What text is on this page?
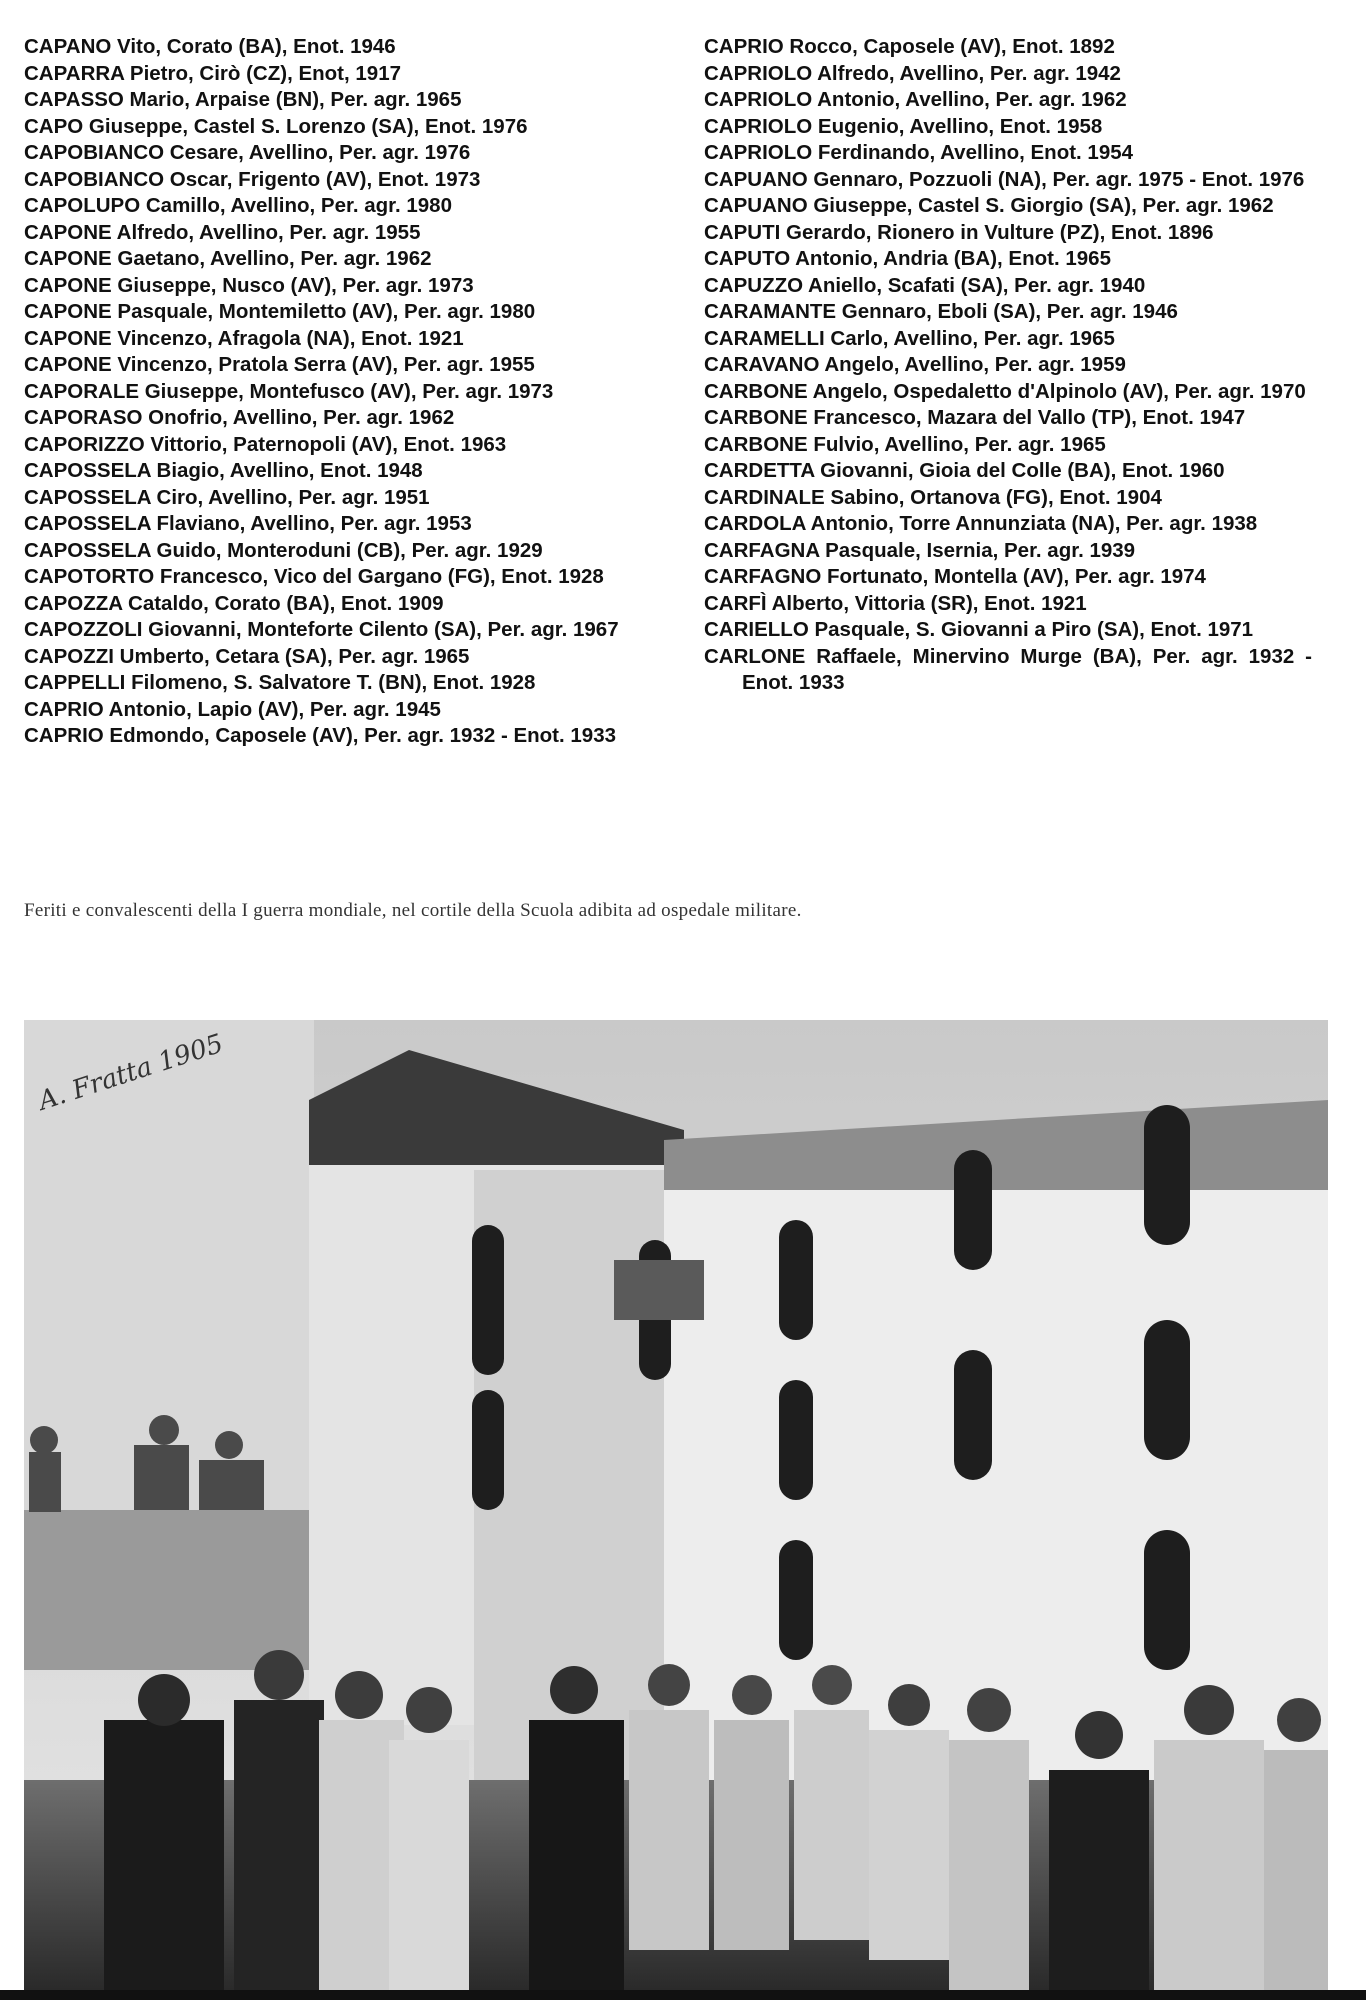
CAPANO Vito, Corato (BA), Enot. 1946

CAPARRA Pietro, Cirò (CZ), Enot, 1917

CAPASSO Mario, Arpaise (BN), Per. agr. 1965

CAPO Giuseppe, Castel S. Lorenzo (SA), Enot. 1976

CAPOBIANCO Cesare, Avellino, Per. agr. 1976

CAPOBIANCO Oscar, Frigento (AV), Enot. 1973

CAPOLUPO Camillo, Avellino, Per. agr. 1980

CAPONE Alfredo, Avellino, Per. agr. 1955

CAPONE Gaetano, Avellino, Per. agr. 1962

CAPONE Giuseppe, Nusco (AV), Per. agr. 1973

CAPONE Pasquale, Montemiletto (AV), Per. agr. 1980

CAPONE Vincenzo, Afragola (NA), Enot. 1921

CAPONE Vincenzo, Pratola Serra (AV), Per. agr. 1955

CAPORALE Giuseppe, Montefusco (AV), Per. agr. 1973

CAPORASO Onofrio, Avellino, Per. agr. 1962

CAPORIZZO Vittorio, Paternopoli (AV), Enot. 1963

CAPOSSELA Biagio, Avellino, Enot. 1948

CAPOSSELA Ciro, Avellino, Per. agr. 1951

CAPOSSELA Flaviano, Avellino, Per. agr. 1953

CAPOSSELA Guido, Monteroduni (CB), Per. agr. 1929

CAPOTORTO Francesco, Vico del Gargano (FG), Enot. 1928

CAPOZZA Cataldo, Corato (BA), Enot. 1909

CAPOZZOLI Giovanni, Monteforte Cilento (SA), Per. agr. 1967

CAPOZZI Umberto, Cetara (SA), Per. agr. 1965

CAPPELLI Filomeno, S. Salvatore T. (BN), Enot. 1928

CAPRIO Antonio, Lapio (AV), Per. agr. 1945

CAPRIO Edmondo, Caposele (AV), Per. agr. 1932 - Enot. 1933

CAPRIO Rocco, Caposele (AV), Enot. 1892

CAPRIOLO Alfredo, Avellino, Per. agr. 1942

CAPRIOLO Antonio, Avellino, Per. agr. 1962

CAPRIOLO Eugenio, Avellino, Enot. 1958

CAPRIOLO Ferdinando, Avellino, Enot. 1954

CAPUANO Gennaro, Pozzuoli (NA), Per. agr. 1975 - Enot. 1976

CAPUANO Giuseppe, Castel S. Giorgio (SA), Per. agr. 1962

CAPUTI Gerardo, Rionero in Vulture (PZ), Enot. 1896

CAPUTO Antonio, Andria (BA), Enot. 1965

CAPUZZO Aniello, Scafati (SA), Per. agr. 1940

CARAMANTE Gennaro, Eboli (SA), Per. agr. 1946

CARAMELLI Carlo, Avellino, Per. agr. 1965

CARAVANO Angelo, Avellino, Per. agr. 1959

CARBONE Angelo, Ospedaletto d'Alpinolo (AV), Per. agr. 1970

CARBONE Francesco, Mazara del Vallo (TP), Enot. 1947

CARBONE Fulvio, Avellino, Per. agr. 1965

CARDETTA Giovanni, Gioia del Colle (BA), Enot. 1960

CARDINALE Sabino, Ortanova (FG), Enot. 1904

CARDOLA Antonio, Torre Annunziata (NA), Per. agr. 1938

CARFAGNA Pasquale, Isernia, Per. agr. 1939

CARFAGNO Fortunato, Montella (AV), Per. agr. 1974

CARFÌ Alberto, Vittoria (SR), Enot. 1921

CARIELLO Pasquale, S. Giovanni a Piro (SA), Enot. 1971

CARLONE Raffaele, Minervino Murge (BA), Per. agr. 1932 - Enot. 1933

Feriti e convalescenti della I guerra mondiale, nel cortile della Scuola adibita ad ospedale militare.
A. Fratta 1905
